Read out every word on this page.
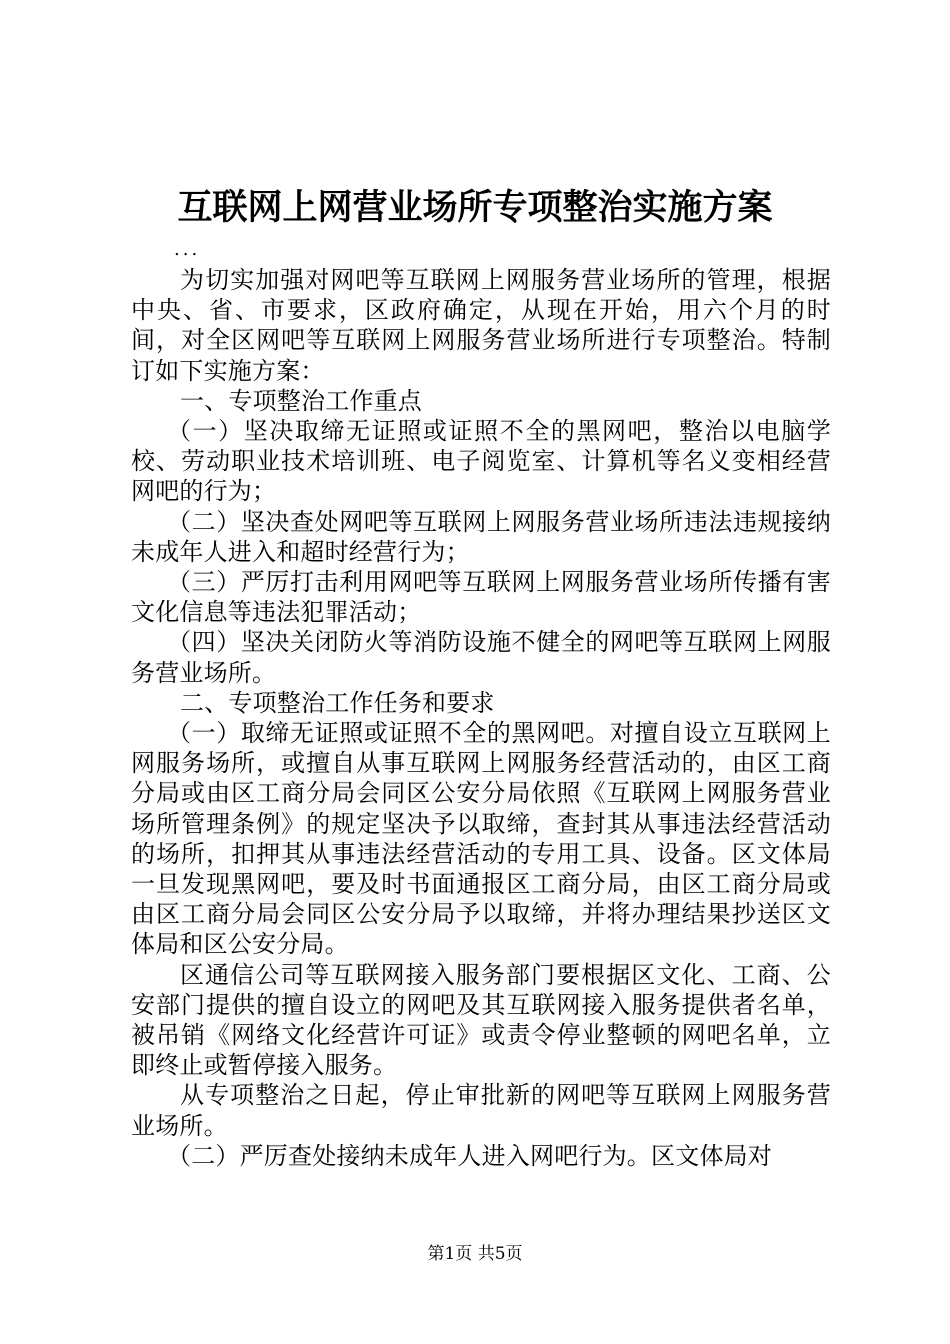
互联网上网营业场所专项整治实施方案
...

为切实加强对网吧等互联网上网服务营业场所的管理，根据中央、省、市要求，区政府确定，从现在开始，用六个月的时间，对全区网吧等互联网上网服务营业场所进行专项整治。特制订如下实施方案：

一、专项整治工作重点

（一）坚决取缔无证照或证照不全的黑网吧，整治以电脑学校、劳动职业技术培训班、电子阅览室、计算机等名义变相经营网吧的行为；

（二）坚决查处网吧等互联网上网服务营业场所违法违规接纳未成年人进入和超时经营行为；

（三）严厉打击利用网吧等互联网上网服务营业场所传播有害文化信息等违法犯罪活动；

（四）坚决关闭防火等消防设施不健全的网吧等互联网上网服务营业场所。

二、专项整治工作任务和要求

（一）取缔无证照或证照不全的黑网吧。对擅自设立互联网上网服务场所，或擅自从事互联网上网服务经营活动的，由区工商分局或由区工商分局会同区公安分局依照《互联网上网服务营业场所管理条例》的规定坚决予以取缔，查封其从事违法经营活动的场所，扣押其从事违法经营活动的专用工具、设备。区文体局一旦发现黑网吧，要及时书面通报区工商分局，由区工商分局或由区工商分局会同区公安分局予以取缔，并将办理结果抄送区文体局和区公安分局。

区通信公司等互联网接入服务部门要根据区文化、工商、公安部门提供的擅自设立的网吧及其互联网接入服务提供者名单，被吊销《网络文化经营许可证》或责令停业整顿的网吧名单，立即终止或暂停接入服务。

从专项整治之日起，停止审批新的网吧等互联网上网服务营业场所。

（二）严厉查处接纳未成年人进入网吧行为。区文体局对

第1页 共5页
